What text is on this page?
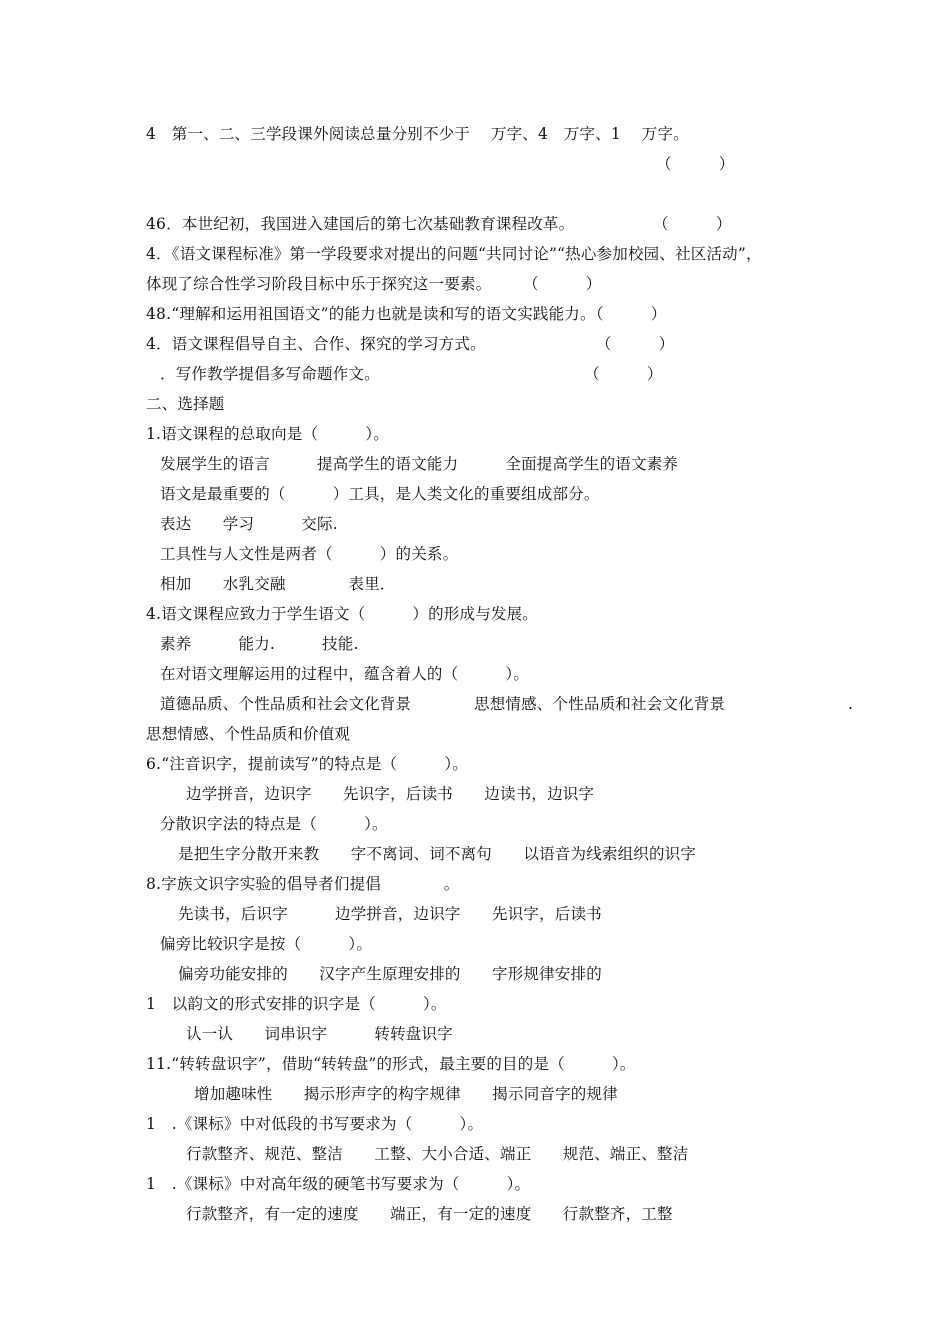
4　第一、二、三学段课外阅读总量分别不少于　 万字、4　万字、1　 万字。
（　　　）
46．本世纪初，我国进入建国后的第七次基础教育课程改革。　　　　　　（　　　）
4．《语文课程标准》第一学段要求对提出的问题“共同讨论”“热心参加校园、社区活动”，
体现了综合性学习阶段目标中乐于探究这一要素。　　　（　　　）
48.“理解和运用祖国语文”的能力也就是读和写的语文实践能力。（　　　）
4．语文课程倡导自主、合作、探究的学习方式。　　　　　　　　（　　　）
．写作教学提倡多写命题作文。　　　　　　　　　　　　　　（　　　）
二、选择题
1.语文课程的总取向是（　　　）。
发展学生的语言　　　提高学生的语文能力　　　全面提高学生的语文素养
语文是最重要的（　　　）工具，是人类文化的重要组成部分。
表达　　学习　　　交际.
工具性与人文性是两者（　　　）的关系。
相加　　水乳交融　　　　表里．
4.语文课程应致力于学生语文（　　　）的形成与发展。
素养　　　能力.　　　技能.
在对语文理解运用的过程中，蕴含着人的（　　　）。
道德品质、个性品质和社会文化背景　　　　思想情感、个性品质和社会文化背景	.
思想情感、个性品质和价值观
6.“注音识字，提前读写”的特点是（　　　）。
边学拼音，边识字　　先识字，后读书　　边读书，边识字
分散识字法的特点是（　　　）。
是把生字分散开来教　　字不离词、词不离句　　以语音为线索组织的识字
8.字族文识字实验的倡导者们提倡　　　　。
先读书，后识字　　　边学拼音，边识字　　先识字，后读书
偏旁比较识字是按（　　　）。
偏旁功能安排的　　汉字产生原理安排的　　字形规律安排的
1　以韵文的形式安排的识字是（　　　）。
认一认　　词串识字　　　转转盘识字
11.“转转盘识字”，借助“转转盘”的形式，最主要的目的是（　　　）。
增加趣味性　　揭示形声字的构字规律　　揭示同音字的规律
1　.《课标》中对低段的书写要求为（　　　）。
行款整齐、规范、整洁　　工整、大小合适、端正　　规范、端正、整洁
1　.《课标》中对高年级的硬笔书写要求为（　　　）。
行款整齐，有一定的速度　　端正，有一定的速度　　行款整齐，工整
